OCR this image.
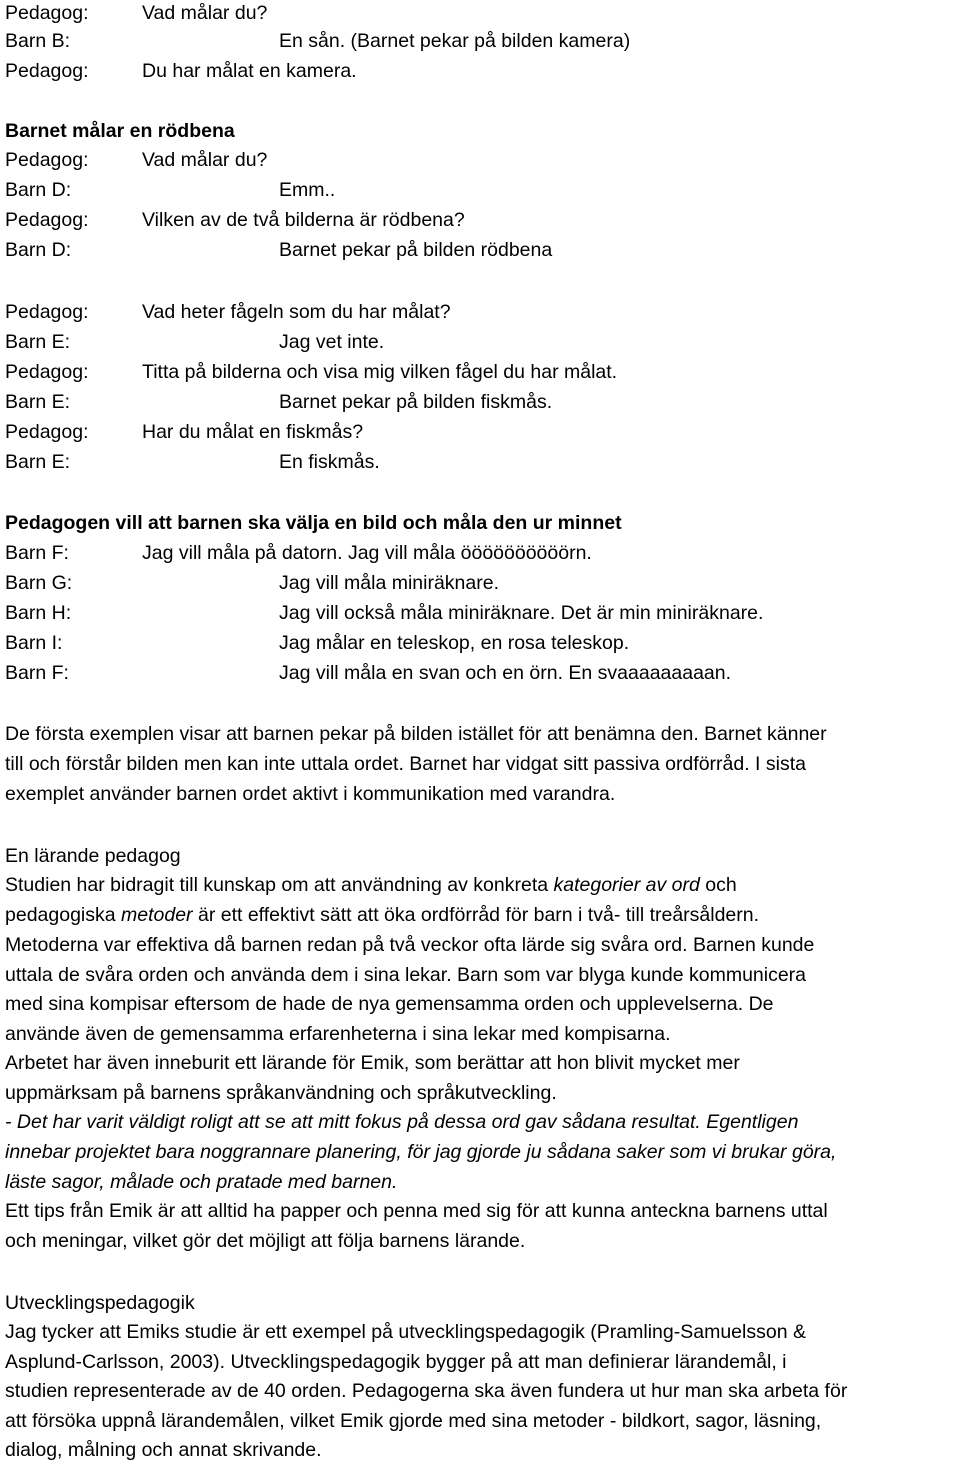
Pedagog:	Vad målar du?
Barn B:	En sån. (Barnet pekar på bilden kamera)
Pedagog:	Du har målat en kamera.
Barnet målar en rödbena
Pedagog:	Vad målar du?
Barn D:	Emm..
Pedagog:	Vilken av de två bilderna är rödbena?
Barn D:	Barnet pekar på bilden rödbena
Pedagog:	Vad heter fågeln som du har målat?
Barn E:	Jag vet inte.
Pedagog:	Titta på bilderna och visa mig vilken fågel du har målat.
Barn E:	Barnet pekar på bilden fiskmås.
Pedagog:	Har du målat en fiskmås?
Barn E:	En fiskmås.
Pedagogen vill att barnen ska välja en bild och måla den ur minnet
Barn F:	Jag vill måla på datorn. Jag vill måla öööööööööörn.
Barn G:	Jag vill måla miniräknare.
Barn H:	Jag vill också måla miniräknare. Det är min miniräknare.
Barn I:	Jag målar en teleskop, en rosa teleskop.
Barn F:	Jag vill måla en svan och en örn. En svaaaaaaaaan.
De första exemplen visar att barnen pekar på bilden istället för att benämna den. Barnet känner
till och förstår bilden men kan inte uttala ordet. Barnet har vidgat sitt passiva ordförråd. I sista
exemplet använder barnen ordet aktivt i kommunikation med varandra.
En lärande pedagog
Studien har bidragit till kunskap om att användning av konkreta kategorier av ord och
pedagogiska metoder är ett effektivt sätt att öka ordförråd för barn i två- till treårsåldern.
Metoderna var effektiva då barnen redan på två veckor ofta lärde sig svåra ord. Barnen kunde
uttala de svåra orden och använda dem i sina lekar. Barn som var blyga kunde kommunicera
med sina kompisar eftersom de hade de nya gemensamma orden och upplevelserna. De
använde även de gemensamma erfarenheterna i sina lekar med kompisarna.
Arbetet har även inneburit ett lärande för Emik, som berättar att hon blivit mycket mer
uppmärksam på barnens språkanvändning och språkutveckling.
- Det har varit väldigt roligt att se att mitt fokus på dessa ord gav sådana resultat. Egentligen
innebar projektet bara noggrannare planering, för jag gjorde ju sådana saker som vi brukar göra,
läste sagor, målade och pratade med barnen.
Ett tips från Emik är att alltid ha papper och penna med sig för att kunna anteckna barnens uttal
och meningar, vilket gör det möjligt att följa barnens lärande.
Utvecklingspedagogik
Jag tycker att Emiks studie är ett exempel på utvecklingspedagogik (Pramling-Samuelsson &
Asplund-Carlsson, 2003). Utvecklingspedagogik bygger på att man definierar lärandemål, i
studien representerade av de 40 orden. Pedagogerna ska även fundera ut hur man ska arbeta för
att försöka uppnå lärandemålen, vilket Emik gjorde med sina metoder - bildkort, sagor, läsning,
dialog, målning och annat skrivande.
